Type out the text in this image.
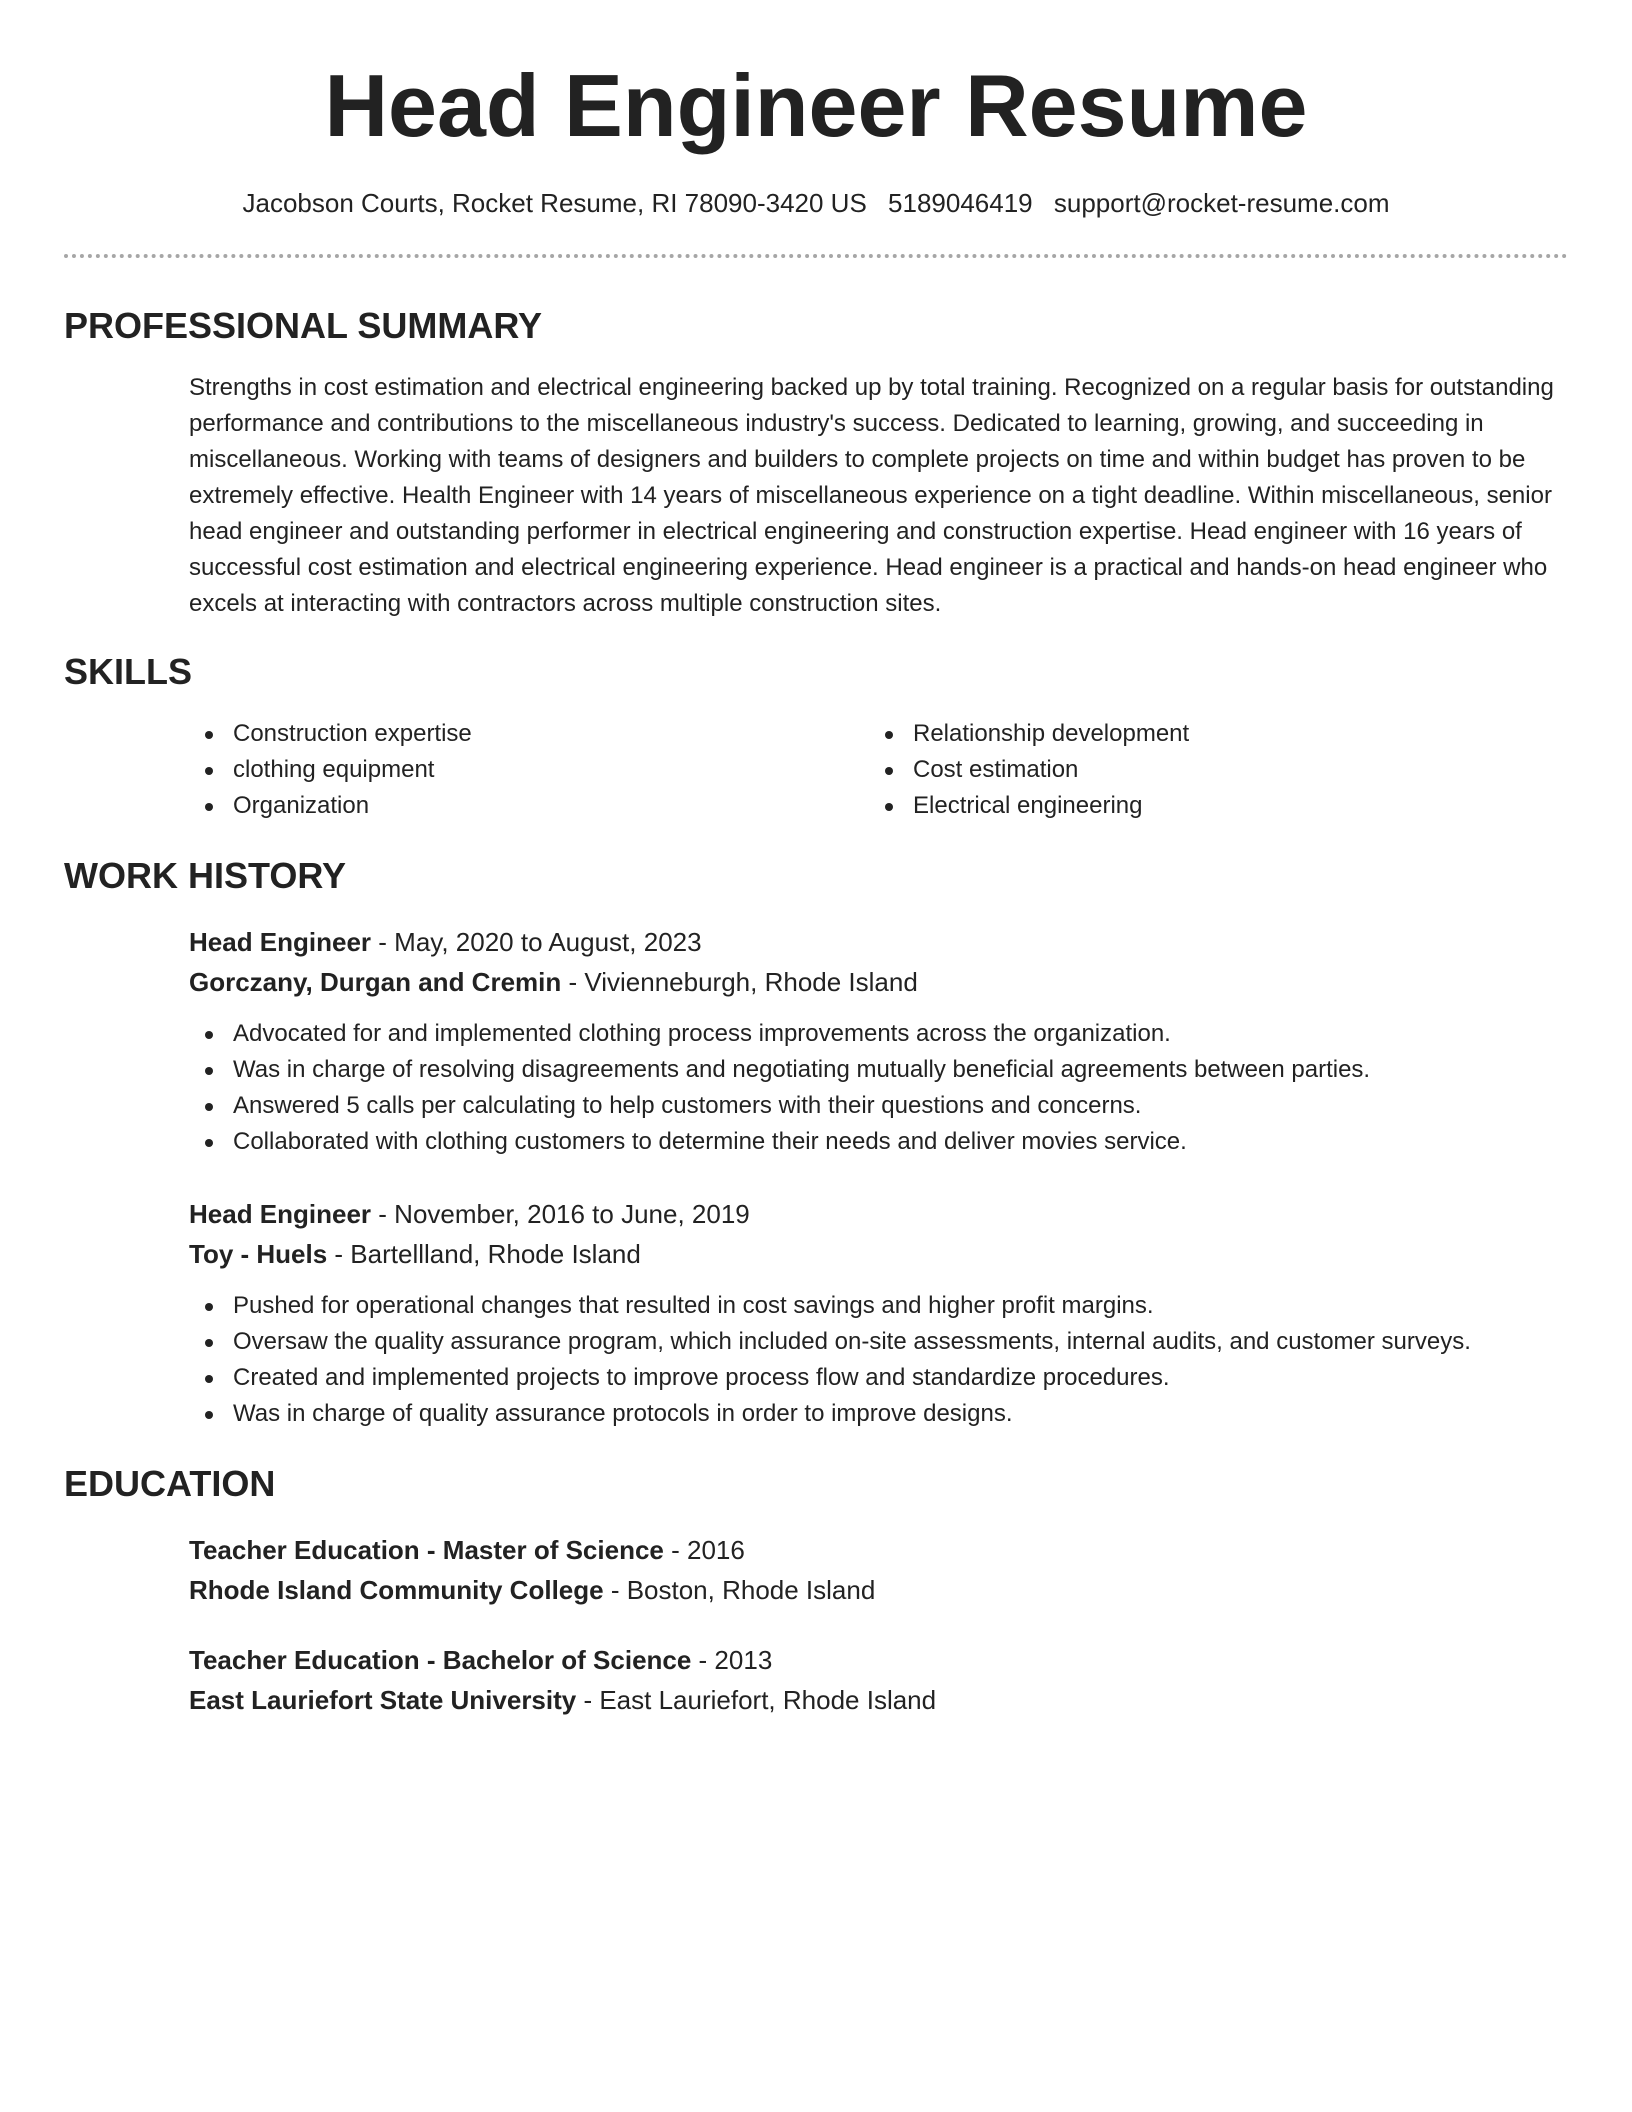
Head Engineer Resume
Jacobson Courts, Rocket Resume, RI 78090-3420 US 5189046419 support@rocket-resume.com
PROFESSIONAL SUMMARY

Strengths in cost estimation and electrical engineering backed up by total training. Recognized on a regular basis for outstanding performance and contributions to the miscellaneous industry's success. Dedicated to learning, growing, and succeeding in miscellaneous. Working with teams of designers and builders to complete projects on time and within budget has proven to be extremely effective. Health Engineer with 14 years of miscellaneous experience on a tight deadline. Within miscellaneous, senior head engineer and outstanding performer in electrical engineering and construction expertise. Head engineer with 16 years of successful cost estimation and electrical engineering experience. Head engineer is a practical and hands-on head engineer who excels at interacting with contractors across multiple construction sites.

SKILLS
Construction expertise
clothing equipment
Organization
Relationship development
Cost estimation
Electrical engineering
WORK HISTORY
Head Engineer - May, 2020 to August, 2023
Gorczany, Durgan and Cremin - Vivienneburgh, Rhode Island
Advocated for and implemented clothing process improvements across the organization.
Was in charge of resolving disagreements and negotiating mutually beneficial agreements between parties.
Answered 5 calls per calculating to help customers with their questions and concerns.
Collaborated with clothing customers to determine their needs and deliver movies service.
Head Engineer - November, 2016 to June, 2019
Toy - Huels - Bartellland, Rhode Island
Pushed for operational changes that resulted in cost savings and higher profit margins.
Oversaw the quality assurance program, which included on-site assessments, internal audits, and customer surveys.
Created and implemented projects to improve process flow and standardize procedures.
Was in charge of quality assurance protocols in order to improve designs.
EDUCATION
Teacher Education - Master of Science - 2016
Rhode Island Community College - Boston, Rhode Island
Teacher Education - Bachelor of Science - 2013
East Lauriefort State University - East Lauriefort, Rhode Island
